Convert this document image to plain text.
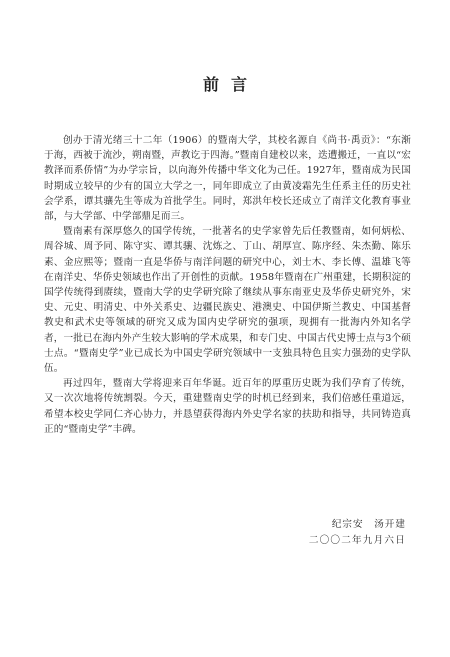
前言

创办于清光绪三十二年（1906）的暨南大学，其校名源自《尚书·禹贡》：“东渐于海，西被于流沙，朔南暨，声教讫于四海。”暨南自建校以来，迭遭搬迁，一直以“宏教泽而系侨情”为办学宗旨，以向海外传播中华文化为己任。1927年，暨南成为民国时期成立较早的少有的国立大学之一，同年即成立了由黄凌霜先生任系主任的历史社会学系，谭其骧先生等成为首批学生。同时，郑洪年校长还成立了南洋文化教育事业部，与大学部、中学部鼎足而三。

暨南素有深厚悠久的国学传统，一批著名的史学家曾先后任教暨南，如何炳松、周谷城、周予同、陈守实、谭其骧、沈炼之、丁山、胡厚宣、陈序经、朱杰勤、陈乐素、金应熙等；暨南一直是华侨与南洋问题的研究中心，刘士木、李长傅、温雄飞等在南洋史、华侨史领域也作出了开创性的贡献。1958年暨南在广州重建，长期积淀的国学传统得到赓续，暨南大学的史学研究除了继续从事东南亚史及华侨史研究外，宋史、元史、明清史、中外关系史、边疆民族史、港澳史、中国伊斯兰教史、中国基督教史和武术史等领域的研究又成为国内史学研究的强项，现拥有一批海内外知名学者，一批已在海内外产生较大影响的学术成果，和专门史、中国古代史博士点与3个硕士点。“暨南史学”业已成长为中国史学研究领域中一支独具特色且实力强劲的史学队伍。

再过四年，暨南大学将迎来百年华诞。近百年的厚重历史既为我们孕育了传统，又一次次地将传统割裂。今天，重建暨南史学的时机已经到来，我们倍感任重道远，希望本校史学同仁齐心协力，并恳望获得海内外史学名家的扶助和指导，共同铸造真正的“暨南史学”丰碑。

纪宗安　汤开建
二〇〇二年九月六日
